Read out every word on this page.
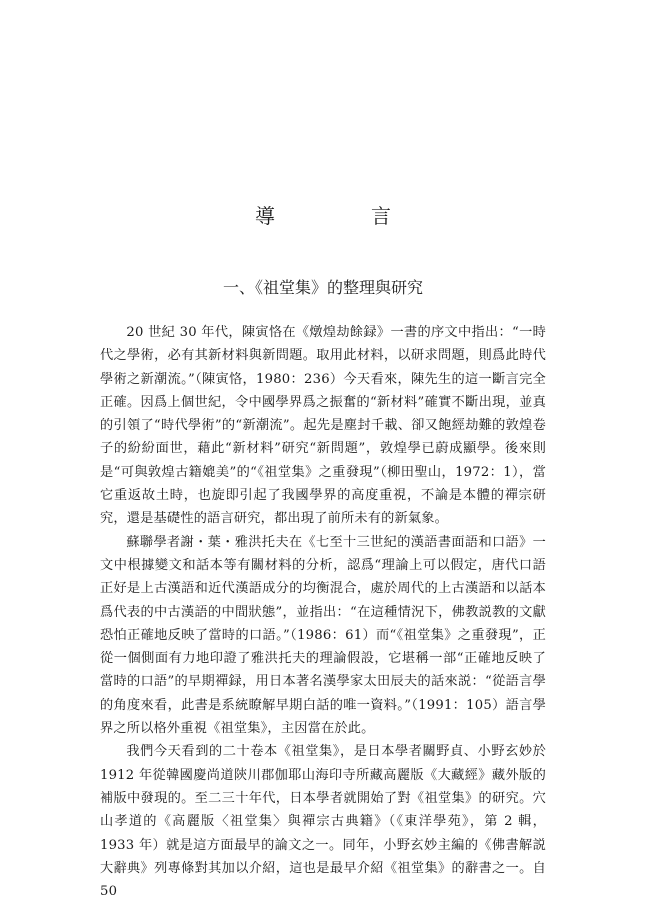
導　言
一、《祖堂集》的整理與研究

20 世紀 30 年代，陳寅恪在《燉煌劫餘録》一書的序文中指出：“一時代之學術，必有其新材料與新問題。取用此材料，以研求問題，則爲此時代學術之新潮流。”（陳寅恪，1980：236）今天看來，陳先生的這一斷言完全正確。因爲上個世紀，令中國學界爲之振奮的“新材料”確實不斷出現，並真的引領了“時代學術”的“新潮流”。起先是塵封千載、卻又飽經劫難的敦煌卷子的紛紛面世，藉此“新材料”研究“新問題”，敦煌學已蔚成顯學。後來則是“可與敦煌古籍媲美”的“《祖堂集》之重發現”（柳田聖山，1972：1），當它重返故土時，也旋即引起了我國學界的高度重視，不論是本體的禪宗研究，還是基礎性的語言研究，都出現了前所未有的新氣象。

蘇聯學者謝・葉・雅洪托夫在《七至十三世紀的漢語書面語和口語》一文中根據變文和話本等有關材料的分析，認爲“理論上可以假定，唐代口語正好是上古漢語和近代漢語成分的均衡混合，處於周代的上古漢語和以話本爲代表的中古漢語的中間狀態”，並指出：“在這種情況下，佛教説教的文獻恐怕正確地反映了當時的口語。”（1986：61）而“《祖堂集》之重發現”，正從一個側面有力地印證了雅洪托夫的理論假設，它堪稱一部“正確地反映了當時的口語”的早期禪録，用日本著名漢學家太田辰夫的話來説：“從語言學的角度來看，此書是系統瞭解早期白話的唯一資料。”（1991：105）語言學界之所以格外重視《祖堂集》，主因當在於此。

我們今天看到的二十卷本《祖堂集》，是日本學者關野貞、小野玄妙於 1912 年從韓國慶尚道陝川郡伽耶山海印寺所藏高麗版《大藏經》藏外版的補版中發現的。至二三十年代，日本學者就開始了對《祖堂集》的研究。穴山孝道的《高麗版〈祖堂集〉與禪宗古典籍》（《東洋學苑》，第 2 輯，1933 年）就是這方面最早的論文之一。同年，小野玄妙主編的《佛書解説大辭典》列專條對其加以介紹，這也是最早介紹《祖堂集》的辭書之一。自 50
